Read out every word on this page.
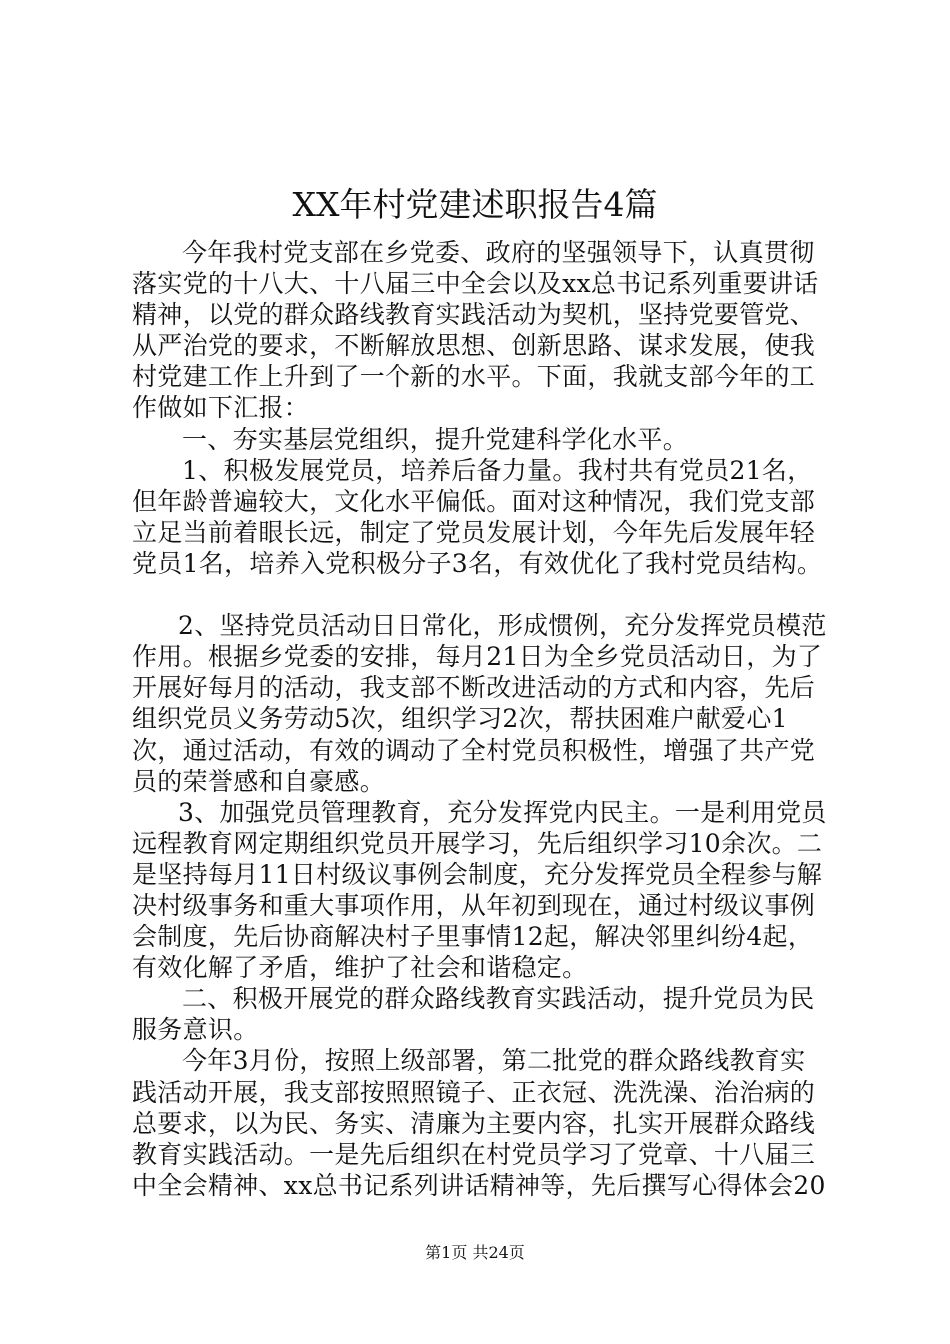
XX年村党建述职报告4篇
今年我村党支部在乡党委、政府的坚强领导下，认真贯彻
落实党的十八大、十八届三中全会以及xx总书记系列重要讲话
精神，以党的群众路线教育实践活动为契机，坚持党要管党、
从严治党的要求，不断解放思想、创新思路、谋求发展，使我
村党建工作上升到了一个新的水平。下面，我就支部今年的工
作做如下汇报：
一、夯实基层党组织，提升党建科学化水平。
1、积极发展党员，培养后备力量。我村共有党员21名，
但年龄普遍较大，文化水平偏低。面对这种情况，我们党支部
立足当前着眼长远，制定了党员发展计划，今年先后发展年轻
党员1名，培养入党积极分子3名，有效优化了我村党员结构。
2、坚持党员活动日日常化，形成惯例，充分发挥党员模范
作用。根据乡党委的安排，每月21日为全乡党员活动日，为了
开展好每月的活动，我支部不断改进活动的方式和内容，先后
组织党员义务劳动5次，组织学习2次，帮扶困难户献爱心1
次，通过活动，有效的调动了全村党员积极性，增强了共产党
员的荣誉感和自豪感。
3、加强党员管理教育，充分发挥党内民主。一是利用党员
远程教育网定期组织党员开展学习，先后组织学习10余次。二
是坚持每月11日村级议事例会制度，充分发挥党员全程参与解
决村级事务和重大事项作用，从年初到现在，通过村级议事例
会制度，先后协商解决村子里事情12起，解决邻里纠纷4起，
有效化解了矛盾，维护了社会和谐稳定。
二、积极开展党的群众路线教育实践活动，提升党员为民
服务意识。
今年3月份，按照上级部署，第二批党的群众路线教育实
践活动开展，我支部按照照镜子、正衣冠、洗洗澡、治治病的
总要求，以为民、务实、清廉为主要内容，扎实开展群众路线
教育实践活动。一是先后组织在村党员学习了党章、十八届三
中全会精神、xx总书记系列讲话精神等，先后撰写心得体会20
第1页 共24页
